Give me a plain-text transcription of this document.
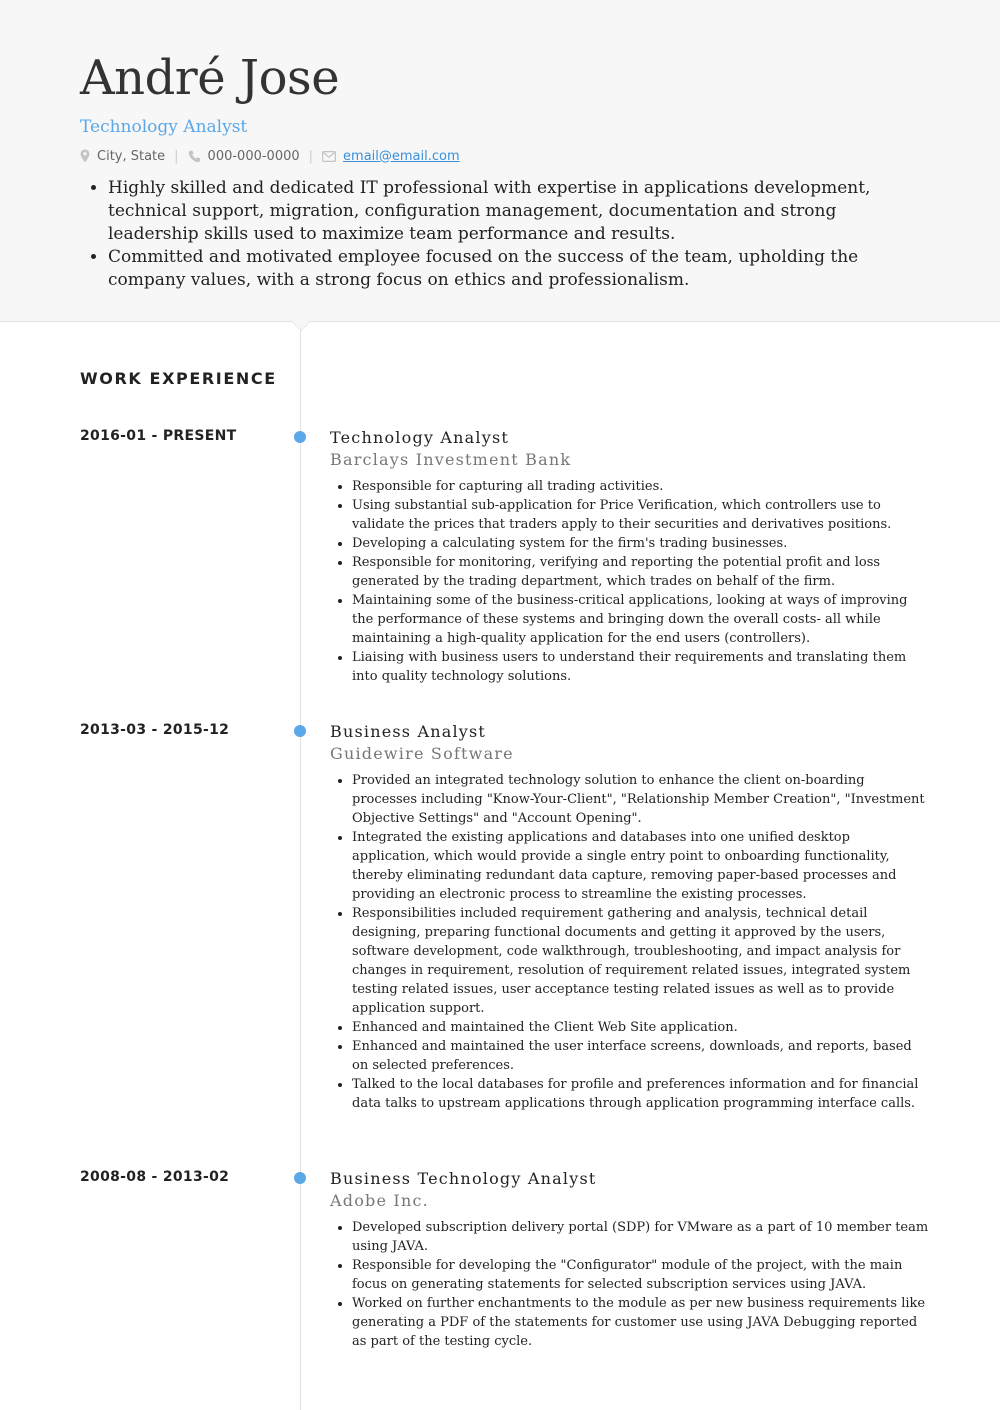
André Jose
Technology Analyst
City, State | 000-000-0000 | email@email.com
• Highly skilled and dedicated IT professional with expertise in applications development, technical support, migration, configuration management, documentation and strong leadership skills used to maximize team performance and results.
• Committed and motivated employee focused on the success of the team, upholding the company values, with a strong focus on ethics and professionalism.
WORK EXPERIENCE
2016-01 - PRESENT	Technology Analyst
Barclays Investment Bank
• Responsible for capturing all trading activities.
• Using substantial sub-application for Price Verification, which controllers use to validate the prices that traders apply to their securities and derivatives positions.
• Developing a calculating system for the firm's trading businesses.
• Responsible for monitoring, verifying and reporting the potential profit and loss generated by the trading department, which trades on behalf of the firm.
• Maintaining some of the business-critical applications, looking at ways of improving the performance of these systems and bringing down the overall costs- all while maintaining a high-quality application for the end users (controllers).
• Liaising with business users to understand their requirements and translating them into quality technology solutions.
2013-03 - 2015-12	Business Analyst
Guidewire Software
• Provided an integrated technology solution to enhance the client on-boarding processes including "Know-Your-Client", "Relationship Member Creation", "Investment Objective Settings" and "Account Opening".
• Integrated the existing applications and databases into one unified desktop application, which would provide a single entry point to onboarding functionality, thereby eliminating redundant data capture, removing paper-based processes and providing an electronic process to streamline the existing processes.
• Responsibilities included requirement gathering and analysis, technical detail designing, preparing functional documents and getting it approved by the users, software development, code walkthrough, troubleshooting, and impact analysis for changes in requirement, resolution of requirement related issues, integrated system testing related issues, user acceptance testing related issues as well as to provide application support.
• Enhanced and maintained the Client Web Site application.
• Enhanced and maintained the user interface screens, downloads, and reports, based on selected preferences.
• Talked to the local databases for profile and preferences information and for financial data talks to upstream applications through application programming interface calls.
2008-08 - 2013-02	Business Technology Analyst
Adobe Inc.
• Developed subscription delivery portal (SDP) for VMware as a part of 10 member team using JAVA.
• Responsible for developing the "Configurator" module of the project, with the main focus on generating statements for selected subscription services using JAVA.
• Worked on further enchantments to the module as per new business requirements like generating a PDF of the statements for customer use using JAVA Debugging reported as part of the testing cycle.
